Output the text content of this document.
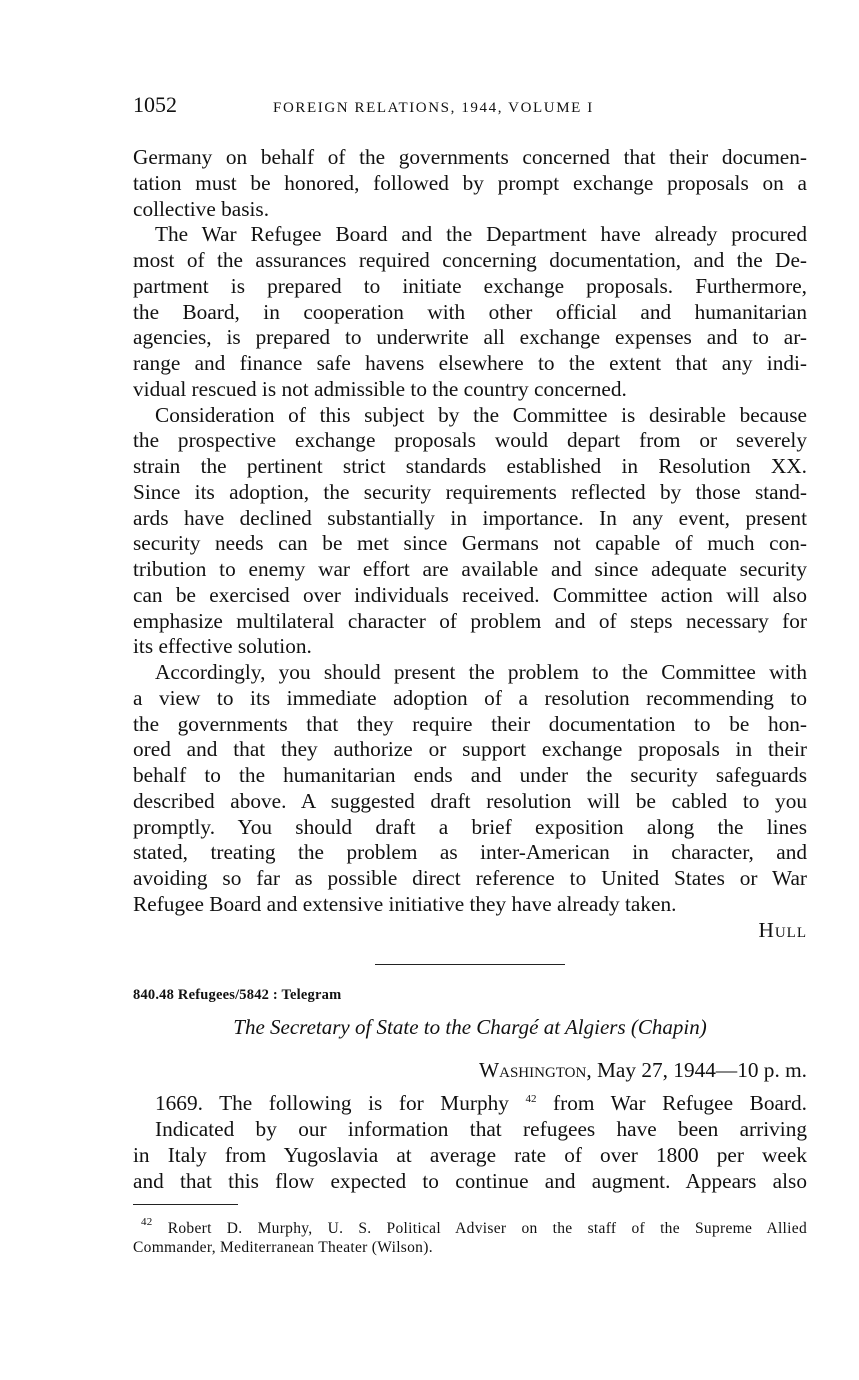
1052	FOREIGN RELATIONS, 1944, VOLUME I
Germany on behalf of the governments concerned that their documen-
tation must be honored, followed by prompt exchange proposals on a
collective basis.
The War Refugee Board and the Department have already procured
most of the assurances required concerning documentation, and the De-
partment is prepared to initiate exchange proposals. Furthermore,
the Board, in cooperation with other official and humanitarian
agencies, is prepared to underwrite all exchange expenses and to ar-
range and finance safe havens elsewhere to the extent that any indi-
vidual rescued is not admissible to the country concerned.
Consideration of this subject by the Committee is desirable because
the prospective exchange proposals would depart from or severely
strain the pertinent strict standards established in Resolution XX.
Since its adoption, the security requirements reflected by those stand-
ards have declined substantially in importance. In any event, present
security needs can be met since Germans not capable of much con-
tribution to enemy war effort are available and since adequate security
can be exercised over individuals received. Committee action will also
emphasize multilateral character of problem and of steps necessary for
its effective solution.
Accordingly, you should present the problem to the Committee with
a view to its immediate adoption of a resolution recommending to
the governments that they require their documentation to be hon-
ored and that they authorize or support exchange proposals in their
behalf to the humanitarian ends and under the security safeguards
described above. A suggested draft resolution will be cabled to you
promptly. You should draft a brief exposition along the lines
stated, treating the problem as inter-American in character, and
avoiding so far as possible direct reference to United States or War
Refugee Board and extensive initiative they have already taken.
Hull
840.48 Refugees/5842 : Telegram
The Secretary of State to the Chargé at Algiers (Chapin)
Washington, May 27, 1944—10 p. m.
1669. The following is for Murphy $^{42}$ from War Refugee Board.
Indicated by our information that refugees have been arriving
in Italy from Yugoslavia at average rate of over 1800 per week
and that this flow expected to continue and augment. Appears also
$^{42}$ Robert D. Murphy, U. S. Political Adviser on the staff of the Supreme Allied
Commander, Mediterranean Theater (Wilson).
